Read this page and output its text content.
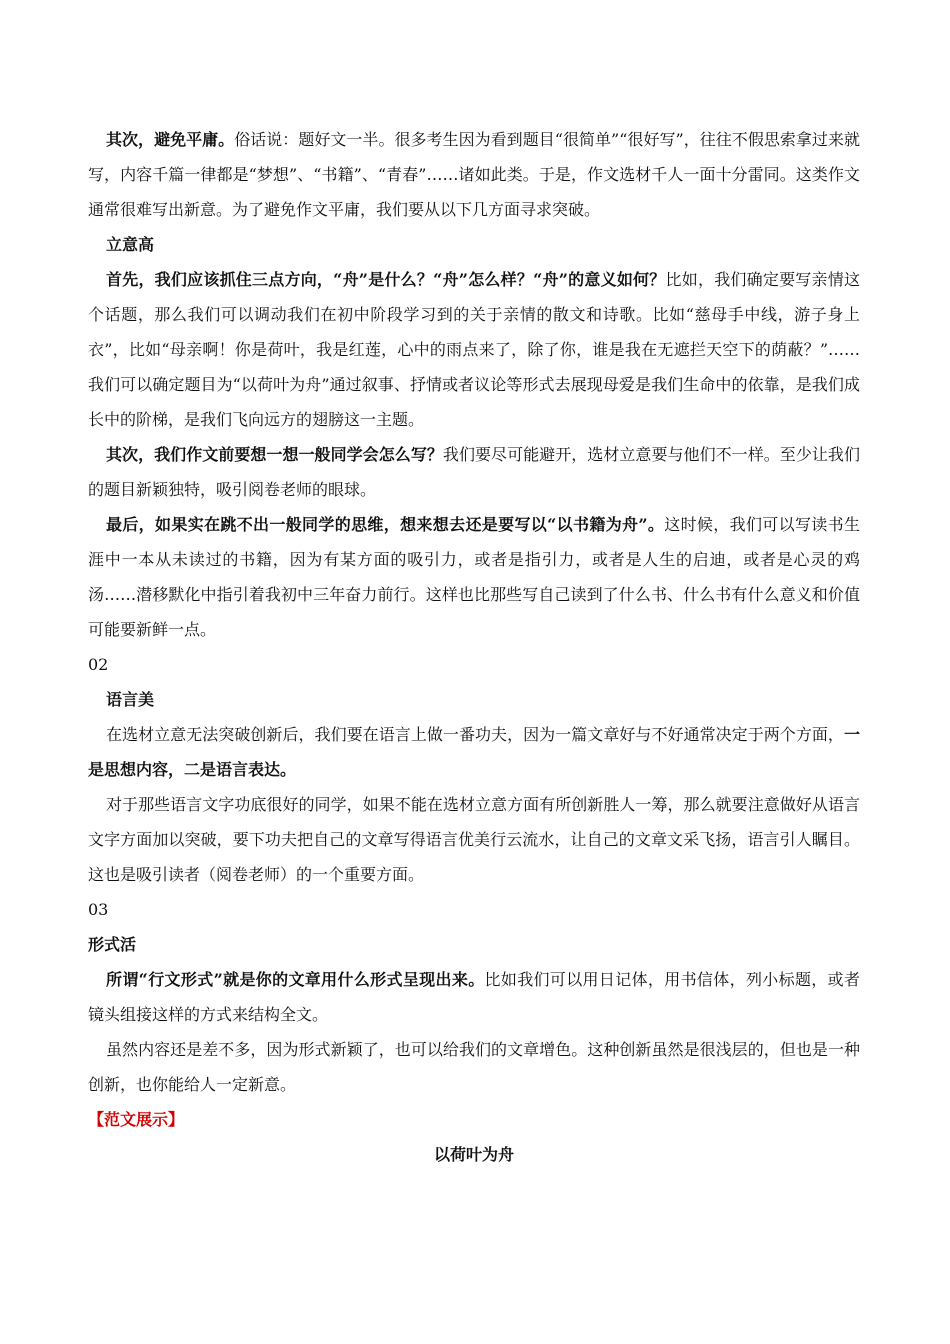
其次，避免平庸。俗话说：题好文一半。很多考生因为看到题目“很简单”“很好写”，往往不假思索拿过来就写，内容千篇一律都是“梦想”、“书籍”、“青春”……诸如此类。于是，作文选材千人一面十分雷同。这类作文通常很难写出新意。为了避免作文平庸，我们要从以下几方面寻求突破。

立意高

首先，我们应该抓住三点方向，“舟”是什么？“舟”怎么样？“舟”的意义如何？比如，我们确定要写亲情这个话题，那么我们可以调动我们在初中阶段学习到的关于亲情的散文和诗歌。比如“慈母手中线，游子身上衣”，比如“母亲啊！你是荷叶，我是红莲，心中的雨点来了，除了你，谁是我在无遮拦天空下的荫蔽？”……我们可以确定题目为“以荷叶为舟”通过叙事、抒情或者议论等形式去展现母爱是我们生命中的依靠，是我们成长中的阶梯，是我们飞向远方的翅膀这一主题。

其次，我们作文前要想一想一般同学会怎么写？我们要尽可能避开，选材立意要与他们不一样。至少让我们的题目新颖独特，吸引阅卷老师的眼球。

最后，如果实在跳不出一般同学的思维，想来想去还是要写以“以书籍为舟”。这时候，我们可以写读书生涯中一本从未读过的书籍，因为有某方面的吸引力，或者是指引力，或者是人生的启迪，或者是心灵的鸡汤……潜移默化中指引着我初中三年奋力前行。这样也比那些写自己读到了什么书、什么书有什么意义和价值可能要新鲜一点。

02

语言美

在选材立意无法突破创新后，我们要在语言上做一番功夫，因为一篇文章好与不好通常决定于两个方面，一是思想内容，二是语言表达。

对于那些语言文字功底很好的同学，如果不能在选材立意方面有所创新胜人一筹，那么就要注意做好从语言文字方面加以突破，要下功夫把自己的文章写得语言优美行云流水，让自己的文章文采飞扬，语言引人瞩目。这也是吸引读者（阅卷老师）的一个重要方面。

03

形式活

所谓“行文形式”就是你的文章用什么形式呈现出来。比如我们可以用日记体，用书信体，列小标题，或者镜头组接这样的方式来结构全文。

虽然内容还是差不多，因为形式新颖了，也可以给我们的文章增色。这种创新虽然是很浅层的，但也是一种创新，也你能给人一定新意。

【范文展示】

以荷叶为舟
